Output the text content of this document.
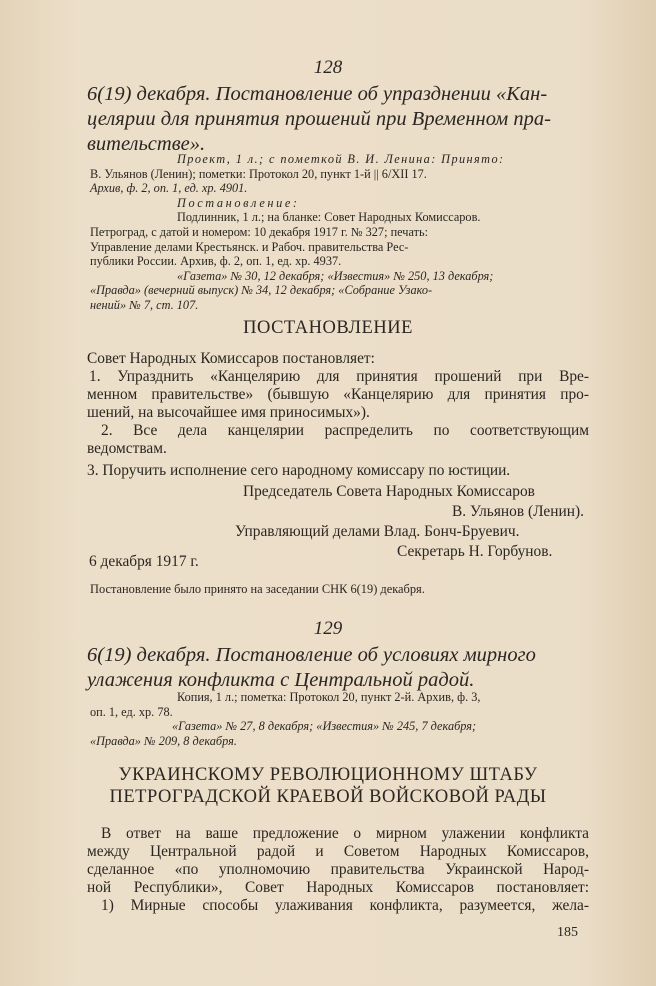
128
6(19) декабря. Постановление об упразднении «Кан-
целярии для принятия прошений при Временном пра-
вительстве».
Проект, 1 л.; с пометкой В. И. Ленина: Принято:
В. Ульянов (Ленин); пометки: Протокол 20, пункт 1-й || 6/XII 17.
Архив, ф. 2, оп. 1, ед. хр. 4901.
Постановление:
Подлинник, 1 л.; на бланке: Совет Народных Комиссаров.
Петроград, с датой и номером: 10 декабря 1917 г. № 327; печать:
Управление делами Крестьянск. и Рабоч. правительства Рес-
публики России. Архив, ф. 2, оп. 1, ед. хр. 4937.
«Газета» № 30, 12 декабря; «Известия» № 250, 13 декабря;
«Правда» (вечерний выпуск) № 34, 12 декабря; «Собрание Узако-
нений» № 7, ст. 107.
ПОСТАНОВЛЕНИЕ
Совет Народных Комиссаров постановляет:
1. Упразднить «Канцелярию для принятия прошений при Вре-
менном правительстве» (бывшую «Канцелярию для принятия про-
шений, на высочайшее имя приносимых»).
2. Все дела канцелярии распределить по соответствующим
ведомствам.
3. Поручить исполнение сего народному комиссару по юстиции.
Председатель Совета Народных Комиссаров
В. Ульянов (Ленин).
Управляющий делами Влад. Бонч-Бруевич.
Секретарь Н. Горбунов.
6 декабря 1917 г.
Постановление было принято на заседании СНК 6(19) декабря.
129
6(19) декабря. Постановление об условиях мирного
улажения конфликта с Центральной радой.
Копия, 1 л.; пометка: Протокол 20, пункт 2-й. Архив, ф. 3,
оп. 1, ед. хр. 78.
«Газета» № 27, 8 декабря; «Известия» № 245, 7 декабря;
«Правда» № 209, 8 декабря.
УКРАИНСКОМУ РЕВОЛЮЦИОННОМУ ШТАБУ
ПЕТРОГРАДСКОЙ КРАЕВОЙ ВОЙСКОВОЙ РАДЫ
В ответ на ваше предложение о мирном улажении конфликта
между Центральной радой и Советом Народных Комиссаров,
сделанное «по уполномочию правительства Украинской Народ-
ной Республики», Совет Народных Комиссаров постановляет:
1) Мирные способы улаживания конфликта, разумеется, жела-
185
